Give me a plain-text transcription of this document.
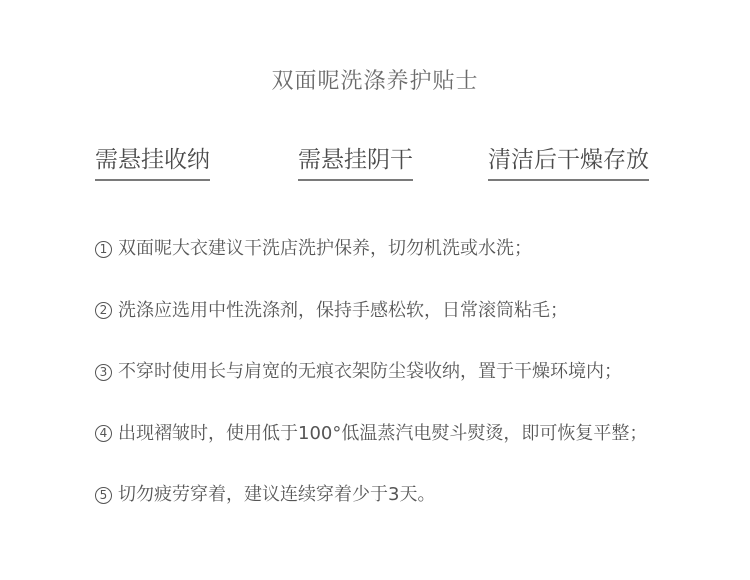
双面呢洗涤养护贴士
需悬挂收纳	需悬挂阴干	清洁后干燥存放
1 双面呢大衣建议干洗店洗护保养，切勿机洗或水洗；
2 洗涤应选用中性洗涤剂，保持手感松软，日常滚筒粘毛；
3 不穿时使用长与肩宽的无痕衣架防尘袋收纳，置于干燥环境内；
4 出现褶皱时，使用低于100°低温蒸汽电熨斗熨烫，即可恢复平整；
5 切勿疲劳穿着，建议连续穿着少于3天。
